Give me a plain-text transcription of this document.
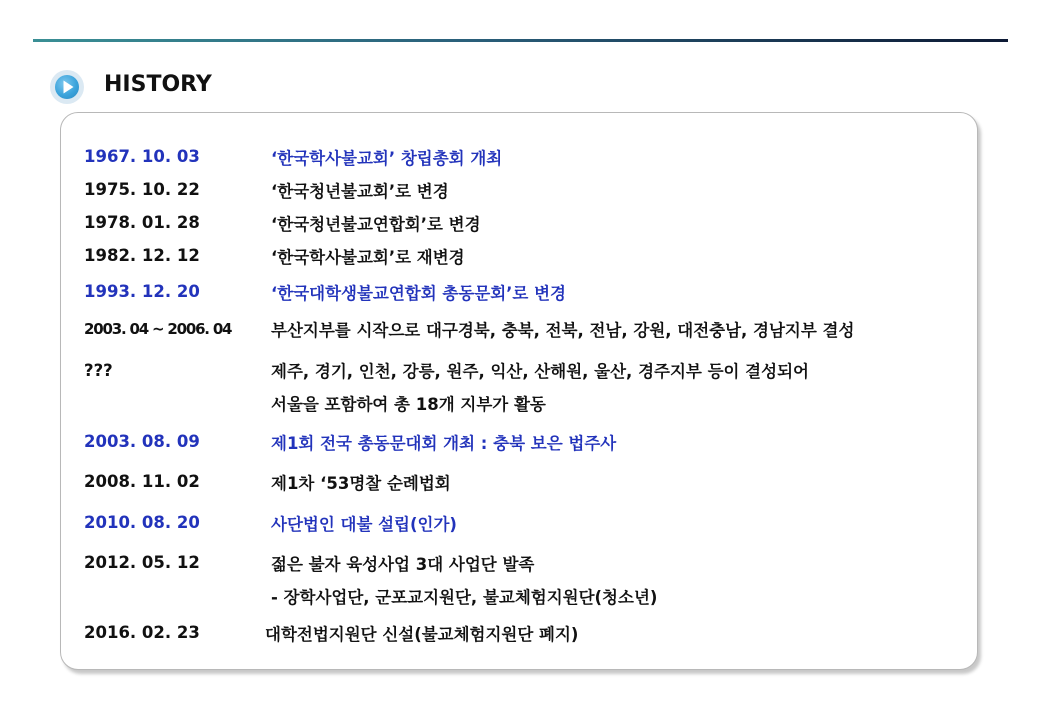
HISTORY
1967. 10. 03	‘한국학사불교회’ 창립총회 개최
1975. 10. 22	‘한국청년불교회’로 변경
1978. 01. 28	‘한국청년불교연합회’로 변경
1982. 12. 12	‘한국학사불교회’로 재변경
1993. 12. 20	‘한국대학생불교연합회 총동문회’로 변경
2003. 04 ~ 2006. 04 부산지부를 시작으로 대구경북, 충북, 전북, 전남, 강원, 대전충남, 경남지부 결성
???	제주, 경기, 인천, 강릉, 원주, 익산, 산해원, 울산, 경주지부 등이 결성되어
서울을 포함하여 총 18개 지부가 활동
2003. 08. 09	제1회 전국 총동문대회 개최 : 충북 보은 법주사
2008. 11. 02	제1차 ‘53명찰 순례법회
2010. 08. 20	사단법인 대불 설립(인가)
2012. 05. 12	젊은 불자 육성사업 3대 사업단 발족
- 장학사업단, 군포교지원단, 불교체험지원단(청소년)
2016. 02. 23	대학전법지원단 신설(불교체험지원단 폐지)
